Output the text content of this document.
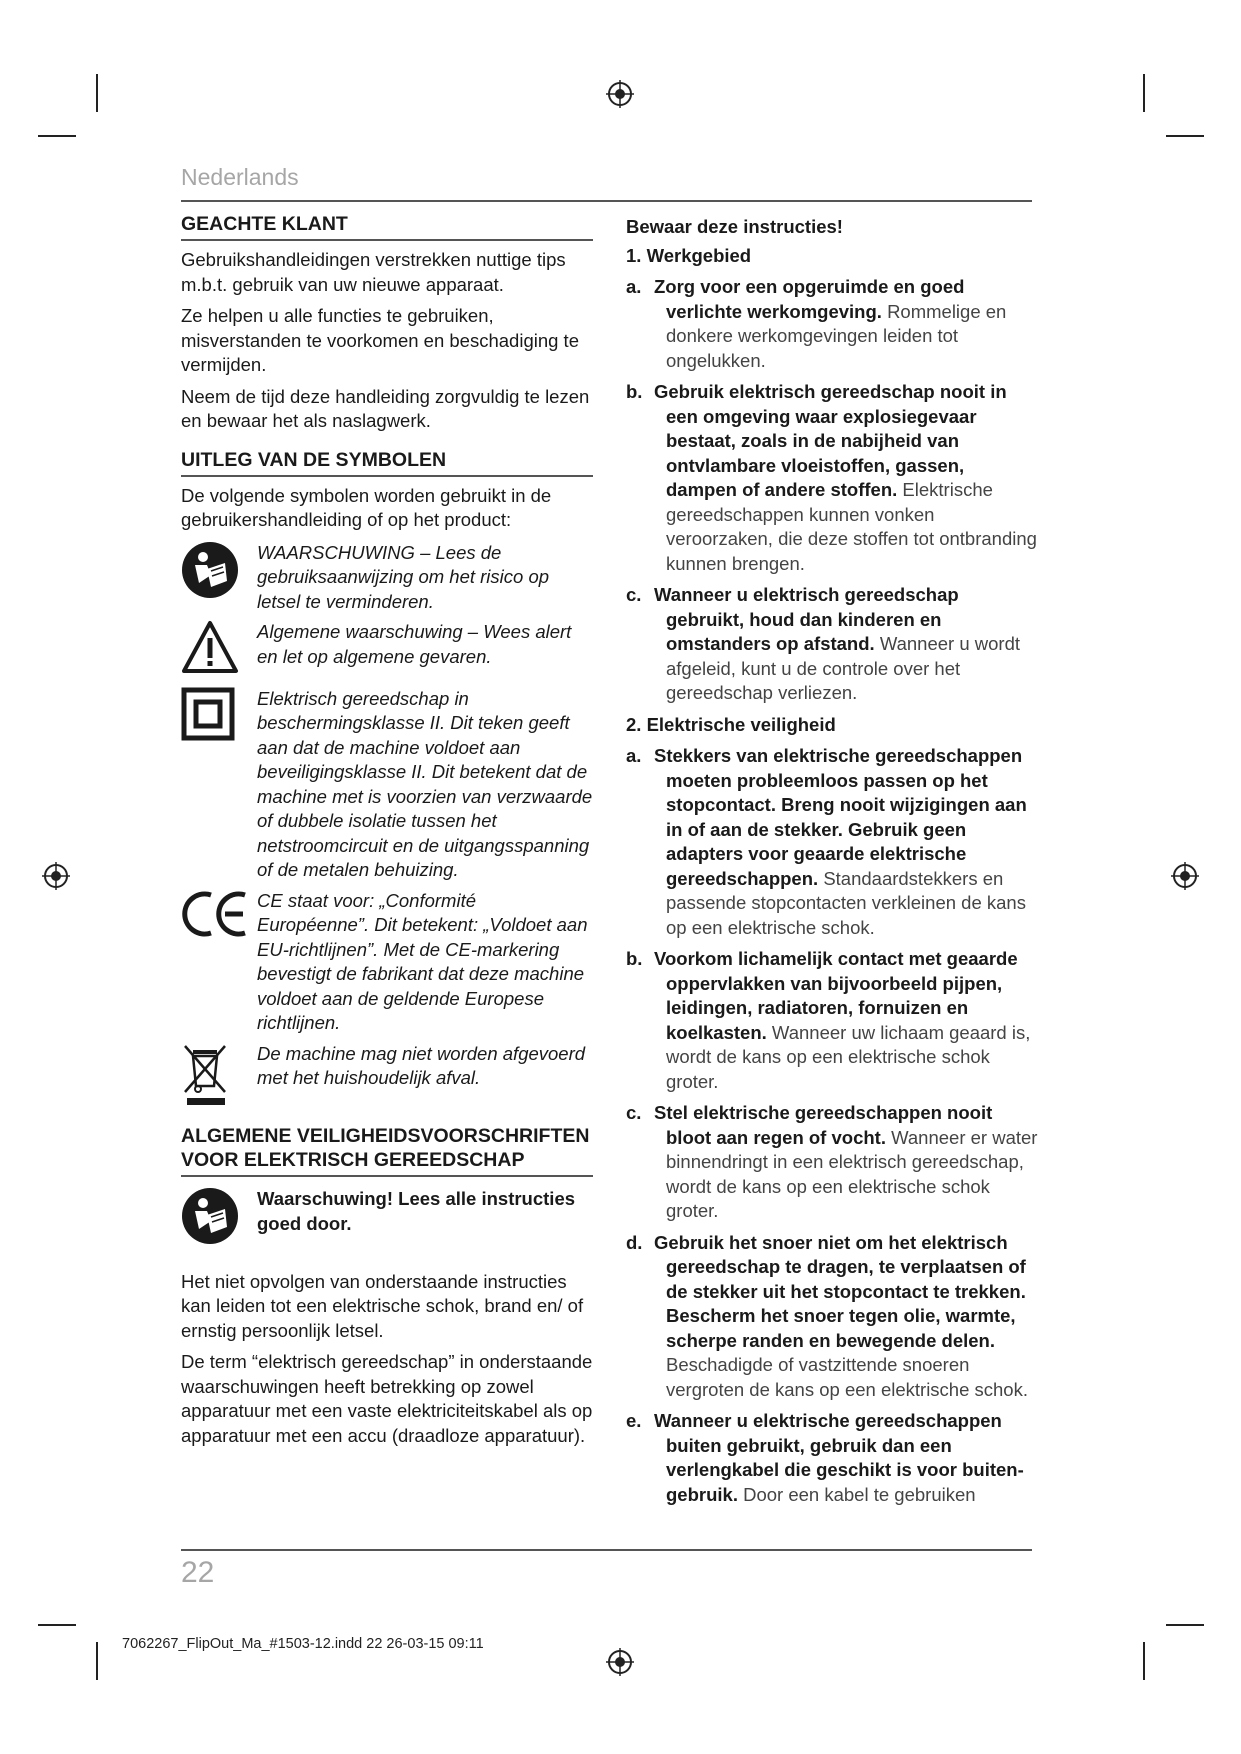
Nederlands
GEACHTE KLANT

Gebruikshandleidingen verstrekken nuttige tips m.b.t. gebruik van uw nieuwe apparaat.

Ze helpen u alle functies te gebruiken, misverstanden te voorkomen en beschadiging te vermijden.

Neem de tijd deze handleiding zorgvuldig te lezen en bewaar het als naslagwerk.

UITLEG VAN DE SYMBOLEN

De volgende symbolen worden gebruikt in de gebruikershandleiding of op het product:

WAARSCHUWING – Lees de gebruiksaanwijzing om het risico op letsel te verminderen.
Algemene waarschuwing – Wees alert en let op algemene gevaren.
Elektrisch gereedschap in beschermingsklasse II. Dit teken geeft aan dat de machine voldoet aan beveiligingsklasse II. Dit betekent dat de machine met is voorzien van verzwaarde of dubbele isolatie tussen het netstroomcircuit en de uitgangsspanning of de metalen behuizing.
CE staat voor: „Conformité Européenne”. Dit betekent: „Voldoet aan EU-richtlijnen”. Met de CE-markering bevestigt de fabrikant dat deze machine voldoet aan de geldende Europese richtlijnen.
De machine mag niet worden afgevoerd met het huishoudelijk afval.
ALGEMENE VEILIGHEIDSVOORSCHRIFTEN VOOR ELEKTRISCH GEREEDSCHAP
Waarschuwing! Lees alle instructies goed door.

Het niet opvolgen van onderstaande instructies kan leiden tot een elektrische schok, brand en/ of ernstig persoonlijk letsel.

De term “elektrisch gereedschap” in onderstaande waarschuwingen heeft betrekking op zowel apparatuur met een vaste elektriciteitskabel als op apparatuur met een accu (draadloze apparatuur).

Bewaar deze instructies!

1. Werkgebied

a. Zorg voor een opgeruimde en goed verlichte werkomgeving. Rommelige en donkere werkomgevingen leiden tot ongelukken.

b. Gebruik elektrisch gereedschap nooit in een omgeving waar explosiegevaar bestaat, zoals in de nabijheid van ontvlambare vloeistoffen, gassen, dampen of andere stoffen. Elektrische gereedschappen kunnen vonken veroorzaken, die deze stoffen tot ontbranding kunnen brengen.

c. Wanneer u elektrisch gereedschap gebruikt, houd dan kinderen en omstanders op afstand. Wanneer u wordt afgeleid, kunt u de controle over het gereedschap verliezen.

2. Elektrische veiligheid

a. Stekkers van elektrische gereedschappen moeten probleemloos passen op het stopcontact. Breng nooit wijzigingen aan in of aan de stekker. Gebruik geen adapters voor geaarde elektrische gereedschappen. Standaardstekkers en passende stopcontacten verkleinen de kans op een elektrische schok.

b. Voorkom lichamelijk contact met geaarde oppervlakken van bijvoorbeeld pijpen, leidingen, radiatoren, fornuizen en koelkasten. Wanneer uw lichaam geaard is, wordt de kans op een elektrische schok groter.

c. Stel elektrische gereedschappen nooit bloot aan regen of vocht. Wanneer er water binnendringt in een elektrisch gereedschap, wordt de kans op een elektrische schok groter.

d. Gebruik het snoer niet om het elektrisch gereedschap te dragen, te verplaatsen of de stekker uit het stopcontact te trekken. Bescherm het snoer tegen olie, warmte, scherpe randen en bewegende delen. Beschadigde of vastzittende snoeren vergroten de kans op een elektrische schok.

e. Wanneer u elektrische gereedschappen buiten gebruikt, gebruik dan een verlengkabel die geschikt is voor buiten-gebruik. Door een kabel te gebruiken

22
7062267_FlipOut_Ma_#1503-12.indd 22 26-03-15 09:11
